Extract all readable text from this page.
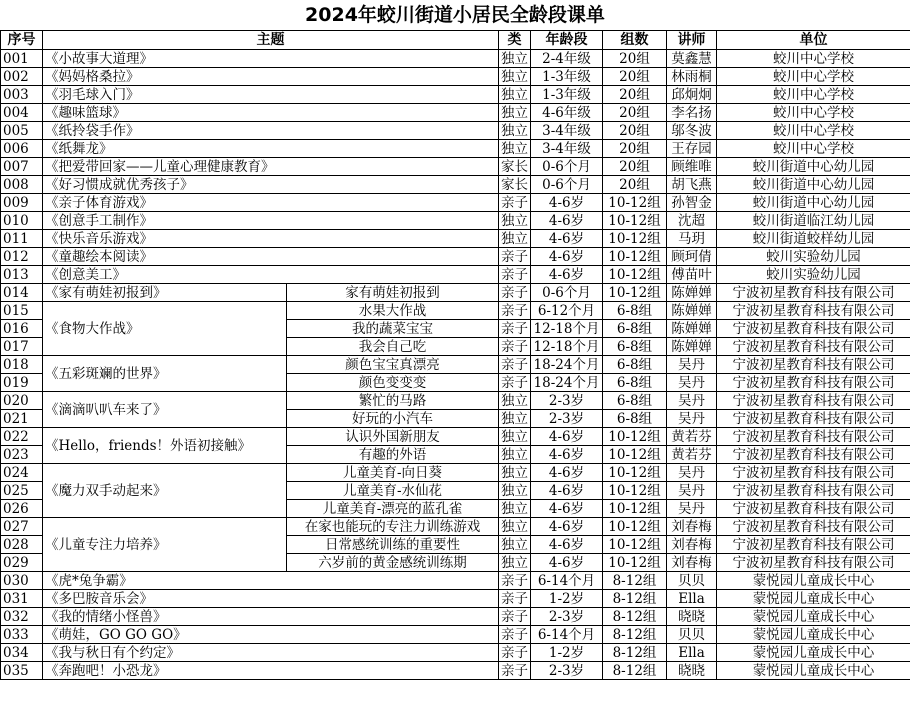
2024年蛟川街道小居民全龄段课单
序号	主题		类	年龄段	组数	讲师	单位
001	《小故事大道理》		独立	2-4年级	20组	莫鑫慧	蛟川中心学校
002	《妈妈格桑拉》		独立	1-3年级	20组	林雨桐	蛟川中心学校
003	《羽毛球入门》		独立	1-3年级	20组	邱炯炯	蛟川中心学校
004	《趣味篮球》		独立	4-6年级	20组	李名扬	蛟川中心学校
005	《纸拎袋手作》		独立	3-4年级	20组	邬冬波	蛟川中心学校
006	《纸舞龙》		独立	3-4年级	20组	王存园	蛟川中心学校
007	《把爱带回家——儿童心理健康教育》		家长	0-6个月	20组	顾维唯	蛟川街道中心幼儿园
008	《好习惯成就优秀孩子》		家长	0-6个月	20组	胡飞燕	蛟川街道中心幼儿园
009	《亲子体育游戏》		亲子	4-6岁	10-12组	孙智金	蛟川街道中心幼儿园
010	《创意手工制作》		独立	4-6岁	10-12组	沈超	蛟川街道临江幼儿园
011	《快乐音乐游戏》		独立	4-6岁	10-12组	马玥	蛟川街道蛟样幼儿园
012	《童趣绘本阅读》		亲子	4-6岁	10-12组	顾珂倩	蛟川实验幼儿园
013	《创意美工》		亲子	4-6岁	10-12组	傅苗叶	蛟川实验幼儿园
014	《家有萌娃初报到》	家有萌娃初报到	亲子	0-6个月	10-12组	陈婵婵	宁波初星教育科技有限公司
015	《食物大作战》	水果大作战	亲子	6-12个月	6-8组	陈婵婵	宁波初星教育科技有限公司
016		我的蔬菜宝宝	亲子	12-18个月	6-8组	陈婵婵	宁波初星教育科技有限公司
017		我会自己吃	亲子	12-18个月	6-8组	陈婵婵	宁波初星教育科技有限公司
018	《五彩斑斓的世界》	颜色宝宝真漂亮	亲子	18-24个月	6-8组	吴丹	宁波初星教育科技有限公司
019		颜色变变变	亲子	18-24个月	6-8组	吴丹	宁波初星教育科技有限公司
020	《滴滴叭叭车来了》	繁忙的马路	独立	2-3岁	6-8组	吴丹	宁波初星教育科技有限公司
021		好玩的小汽车	独立	2-3岁	6-8组	吴丹	宁波初星教育科技有限公司
022	《Hello，friends！外语初接触》	认识外国新朋友	独立	4-6岁	10-12组	黄若芬	宁波初星教育科技有限公司
023		有趣的外语	独立	4-6岁	10-12组	黄若芬	宁波初星教育科技有限公司
024	《魔力双手动起来》	儿童美育-向日葵	独立	4-6岁	10-12组	吴丹	宁波初星教育科技有限公司
025		儿童美育-水仙花	独立	4-6岁	10-12组	吴丹	宁波初星教育科技有限公司
026		儿童美育-漂亮的蓝孔雀	独立	4-6岁	10-12组	吴丹	宁波初星教育科技有限公司
027	《儿童专注力培养》	在家也能玩的专注力训练游戏	独立	4-6岁	10-12组	刘春梅	宁波初星教育科技有限公司
028		日常感统训练的重要性	独立	4-6岁	10-12组	刘春梅	宁波初星教育科技有限公司
029		六岁前的黄金感统训练期	独立	4-6岁	10-12组	刘春梅	宁波初星教育科技有限公司
030	《虎*兔争霸》		亲子	6-14个月	8-12组	贝贝	蒙悦园儿童成长中心
031	《多巴胺音乐会》		亲子	1-2岁	8-12组	Ella	蒙悦园儿童成长中心
032	《我的情绪小怪兽》		亲子	2-3岁	8-12组	晓晓	蒙悦园儿童成长中心
033	《萌娃，GO GO GO》		亲子	6-14个月	8-12组	贝贝	蒙悦园儿童成长中心
034	《我与秋日有个约定》		亲子	1-2岁	8-12组	Ella	蒙悦园儿童成长中心
035	《奔跑吧！小恐龙》		亲子	2-3岁	8-12组	晓晓	蒙悦园儿童成长中心
